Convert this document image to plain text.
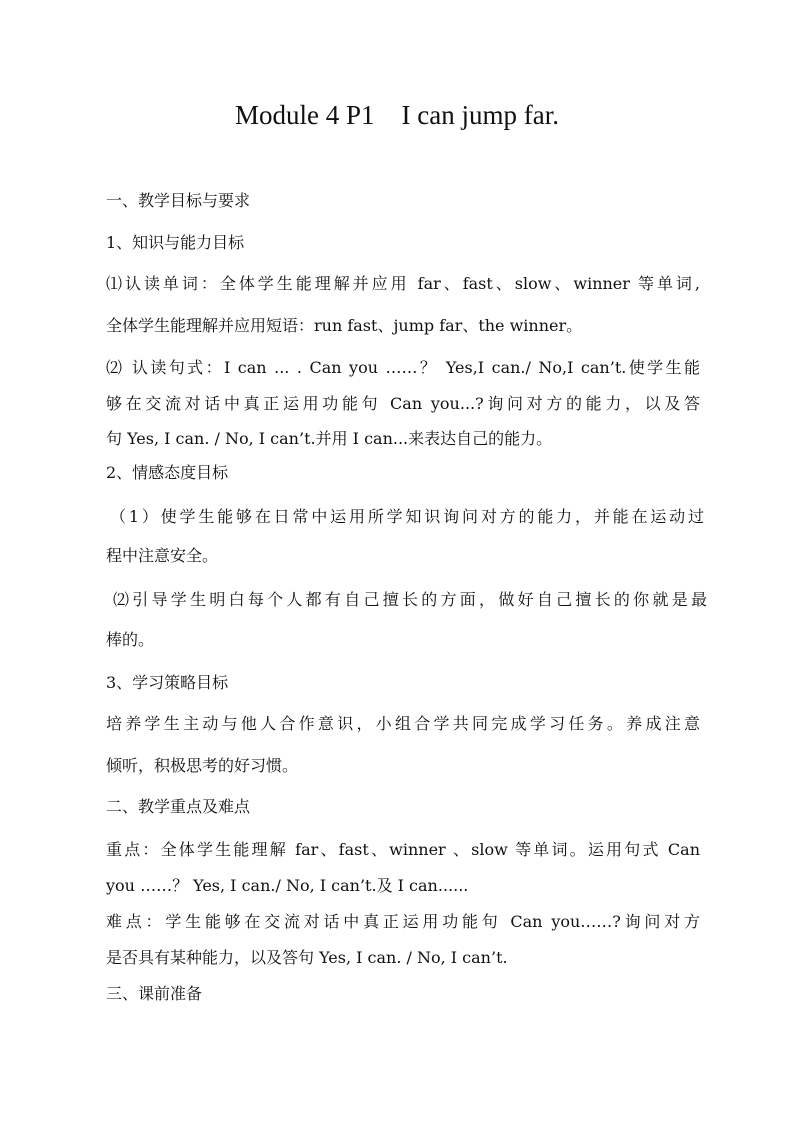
Module 4 P1    I can jump far.
一、教学目标与要求
1、知识与能力目标
⑴认读单词：全体学生能理解并应用 far、fast、slow、winner 等单词,
全体学生能理解并应用短语：run fast、jump far、the winner。
⑵ 认读句式：I can ... . Can you ……？ Yes,I can./ No,I can’t.使学生能
够在交流对话中真正运用功能句 Can you...?询问对方的能力，以及答
句 Yes, I can. / No, I can’t.并用 I can...来表达自己的能力。
2、情感态度目标
（1）使学生能够在日常中运用所学知识询问对方的能力，并能在运动过
程中注意安全。
⑵引导学生明白每个人都有自己擅长的方面，做好自己擅长的你就是最
棒的。
3、学习策略目标
培养学生主动与他人合作意识，小组合学共同完成学习任务。养成注意
倾听，积极思考的好习惯。
二、教学重点及难点
重点：全体学生能理解 far、fast、winner 、slow 等单词。运用句式 Can
you ……？ Yes, I can./ No, I can’t.及 I can......
难点：学生能够在交流对话中真正运用功能句 Can you……?询问对方
是否具有某种能力，以及答句 Yes, I can. / No, I can’t.
三、课前准备
